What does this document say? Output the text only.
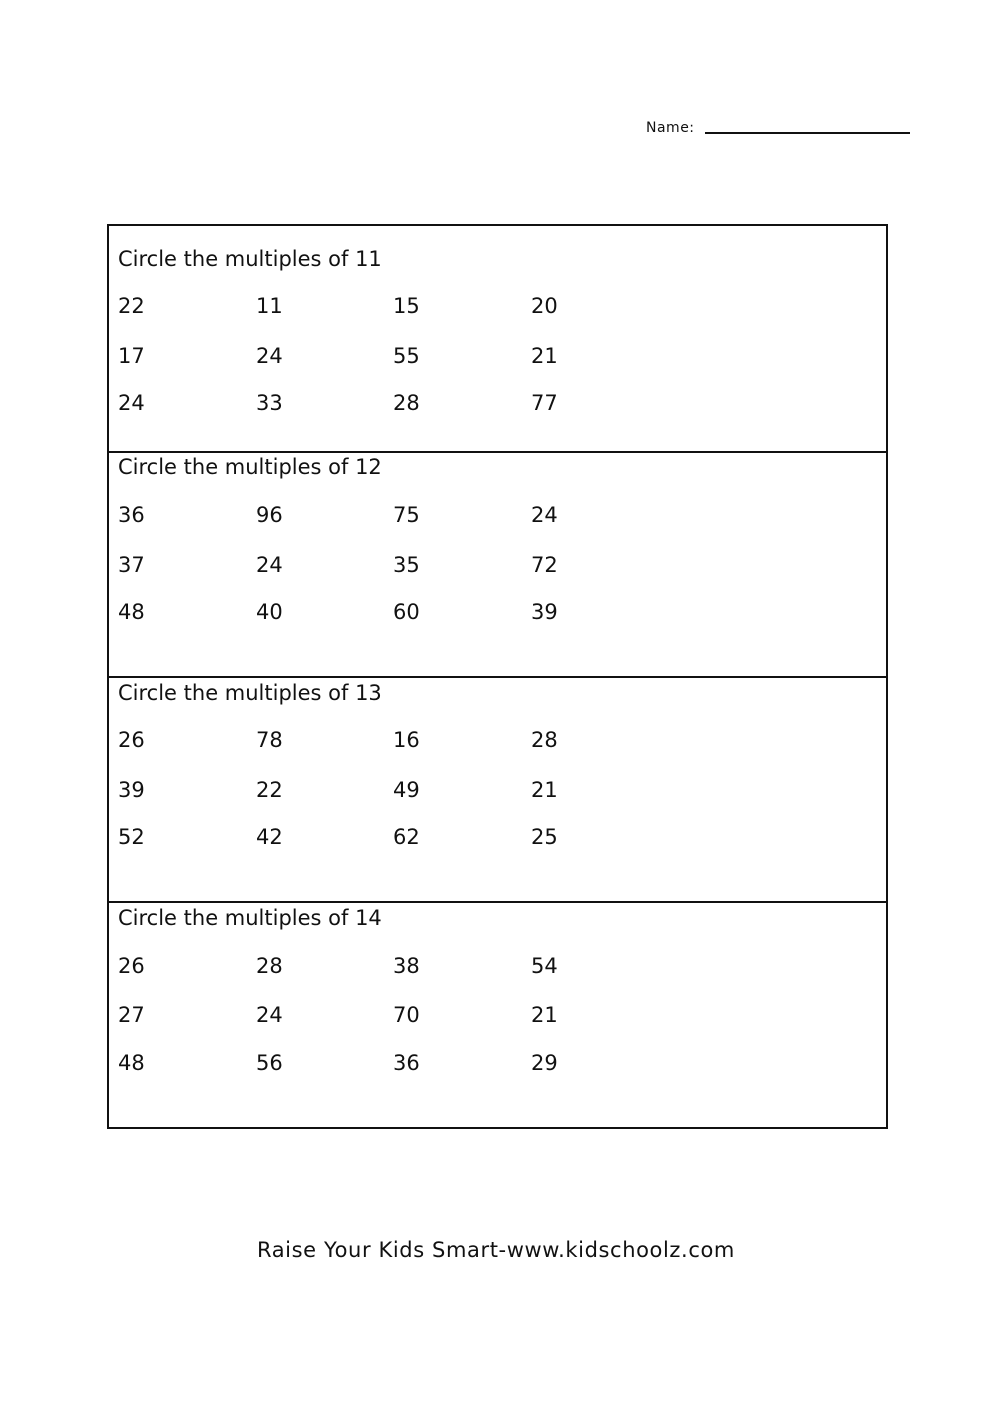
Name:
Circle the multiples of 11
22	11	15	20
17	24	55	21
24	33	28	77
Circle the multiples of 12
36	96	75	24
37	24	35	72
48	40	60	39
Circle the multiples of 13
26	78	16	28
39	22	49	21
52	42	62	25
Circle the multiples of 14
26	28	38	54
27	24	70	21
48	56	36	29
Raise Your Kids Smart-www.kidschoolz.com
